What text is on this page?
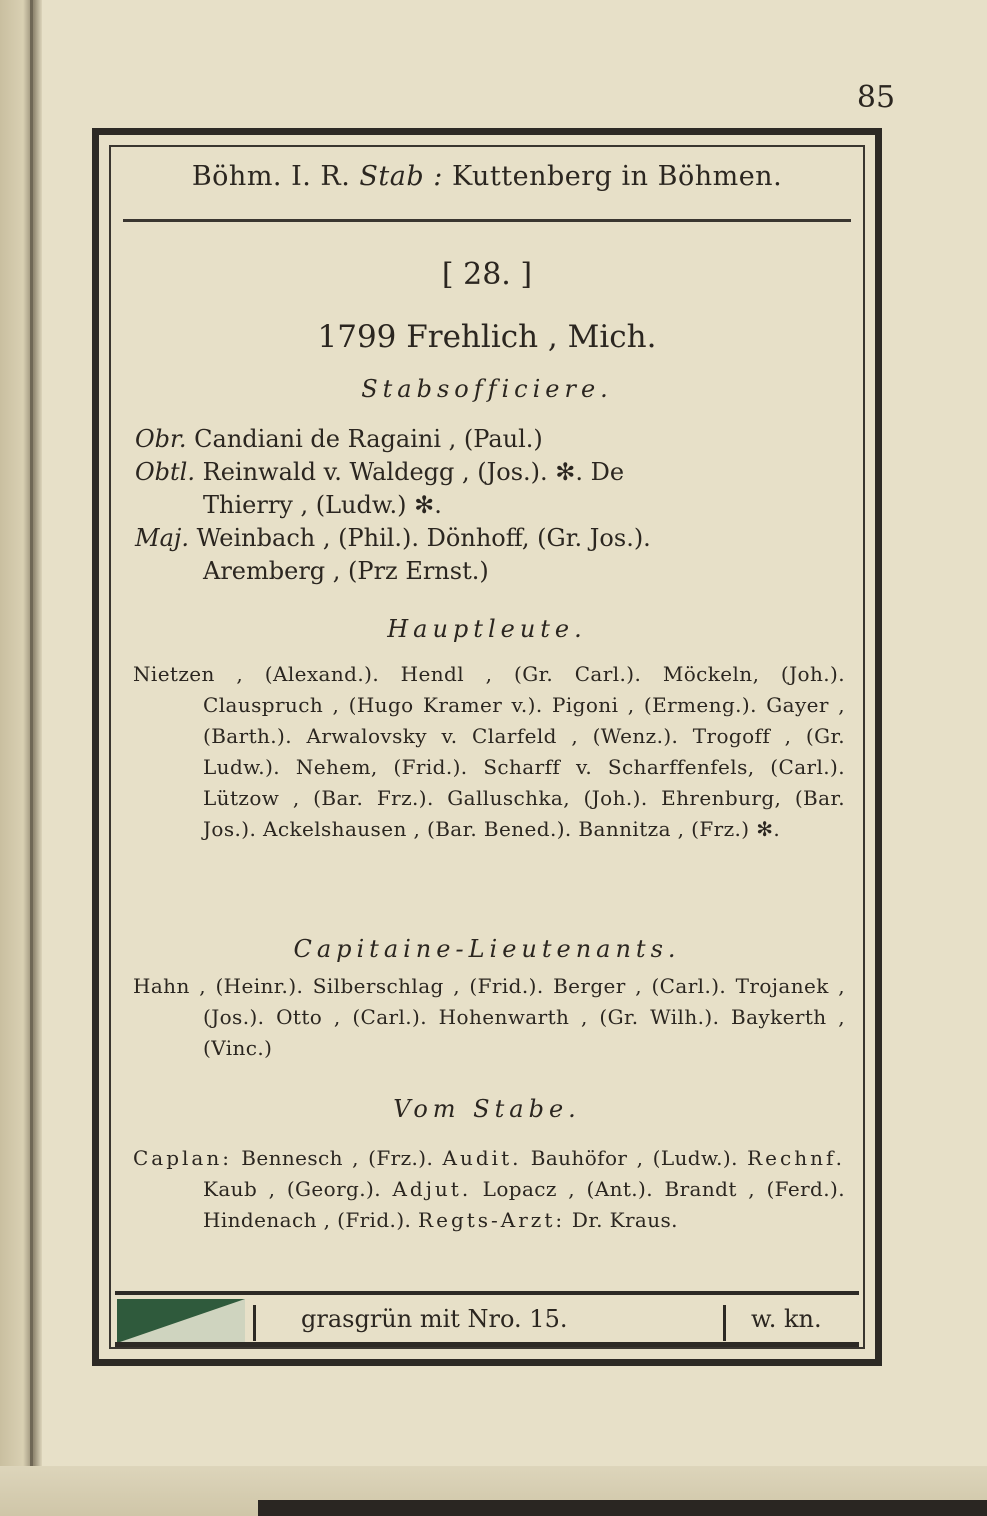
85
Böhm. I. R. Stab : Kuttenberg in Böhmen.
[ 28. ]
1799 Frehlich , Mich.
Stabsofficiere.
Obr. Candiani de Ragaini , (Paul.)
Obtl. Reinwald v. Waldegg , (Jos.). ✻. De
Thierry , (Ludw.) ✻.
Maj. Weinbach , (Phil.). Dönhoff, (Gr. Jos.).
Aremberg , (Prz Ernst.)
Hauptleute.
Nietzen , (Alexand.). Hendl , (Gr. Carl.). Möckeln, (Joh.). Clauspruch , (Hugo Kramer v.). Pigoni , (Ermeng.). Gayer , (Barth.). Arwalovsky v. Clarfeld , (Wenz.). Trogoff , (Gr. Ludw.). Nehem, (Frid.). Scharff v. Scharffenfels, (Carl.). Lützow , (Bar. Frz.). Galluschka, (Joh.). Ehrenburg, (Bar. Jos.). Ackelshausen , (Bar. Bened.). Bannitza , (Frz.) ✻.
Capitaine-Lieutenants.
Hahn , (Heinr.). Silberschlag , (Frid.). Berger , (Carl.). Trojanek , (Jos.). Otto , (Carl.). Hohenwarth , (Gr. Wilh.). Baykerth , (Vinc.)
Vom Stabe.
Caplan: Bennesch , (Frz.). Audit. Bauhöfor , (Ludw.). Rechnf. Kaub , (Georg.). Adjut. Lopacz , (Ant.). Brandt , (Ferd.). Hindenach , (Frid.). Regts-Arzt: Dr. Kraus.
grasgrün mit Nro. 15.	w. kn.
